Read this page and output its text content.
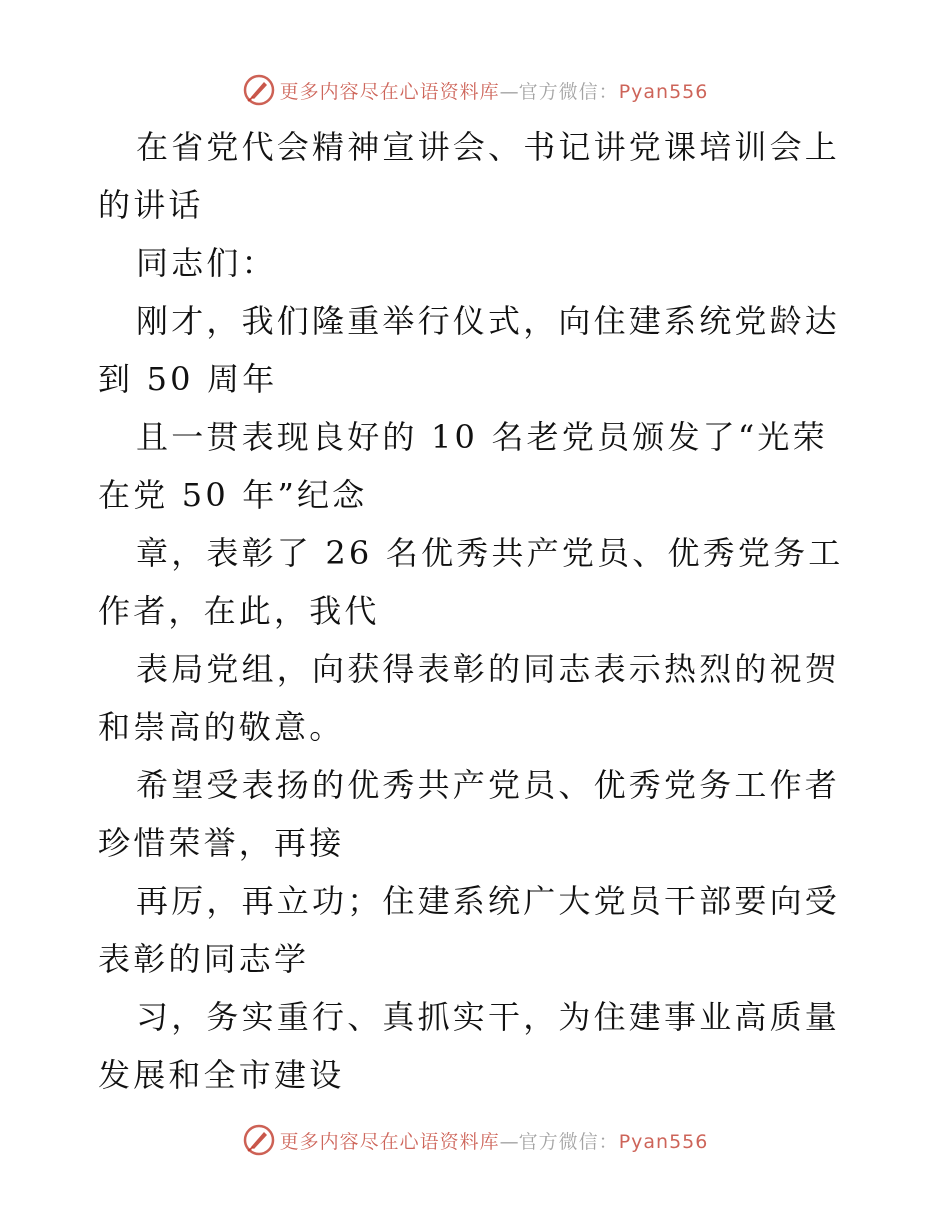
更多内容尽在心语资料库—官方微信：Pyan556

在省党代会精神宣讲会、书记讲党课培训会上的讲话

同志们：

刚才，我们隆重举行仪式，向住建系统党龄达到 50 周年

且一贯表现良好的 10 名老党员颁发了“光荣在党 50 年”纪念

章，表彰了 26 名优秀共产党员、优秀党务工作者，在此，我代

表局党组，向获得表彰的同志表示热烈的祝贺和崇高的敬意。

希望受表扬的优秀共产党员、优秀党务工作者珍惜荣誉，再接

再厉，再立功；住建系统广大党员干部要向受表彰的同志学

习，务实重行、真抓实干，为住建事业高质量发展和全市建设

更多内容尽在心语资料库—官方微信：Pyan556
